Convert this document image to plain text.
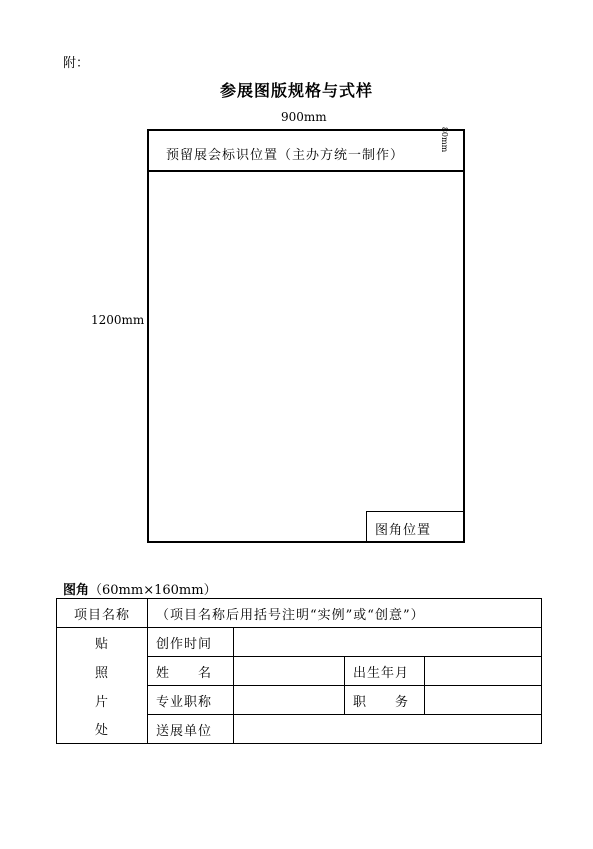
附：
参展图版规格与式样
900mm
1200mm
预留展会标识位置（主办方统一制作）
80mm
图角位置
图角（60mm×160mm）
项目名称	（项目名称后用括号注明“实例”或“创意”）			
贴	创作时间			
照	姓　　名		出生年月	
片	专业职称		职　　务	
处	送展单位			
